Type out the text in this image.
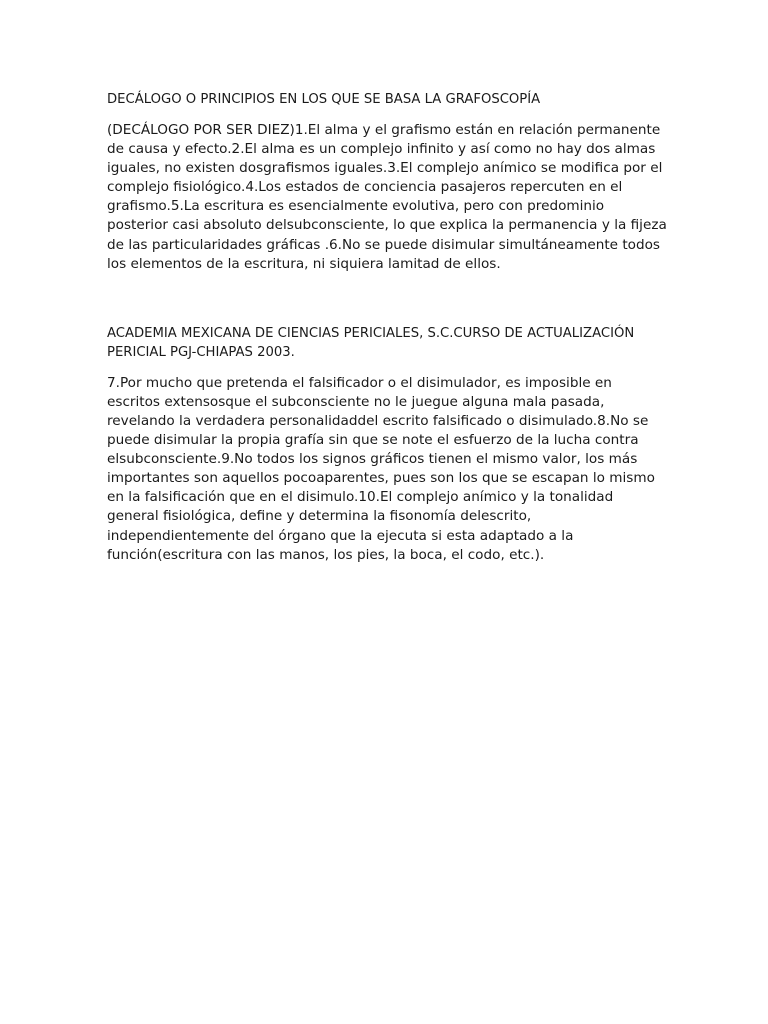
DECÁLOGO O PRINCIPIOS EN LOS QUE SE BASA LA GRAFOSCOPÍA

(DECÁLOGO POR SER DIEZ)1.El alma y el grafismo están en relación permanente de causa y efecto.2.El alma es un complejo infinito y así como no hay dos almas iguales, no existen dosgrafismos iguales.3.El complejo anímico se modifica por el complejo fisiológico.4.Los estados de conciencia pasajeros repercuten en el grafismo.5.La escritura es esencialmente evolutiva, pero con predominio posterior casi absoluto delsubconsciente, lo que explica la permanencia y la fijeza de las particularidades gráficas .6.No se puede disimular simultáneamente todos los elementos de la escritura, ni siquiera lamitad de ellos.

ACADEMIA MEXICANA DE CIENCIAS PERICIALES, S.C.CURSO DE ACTUALIZACIÓN PERICIAL PGJ-CHIAPAS 2003.

7.Por mucho que pretenda el falsificador o el disimulador, es imposible en escritos extensosque el subconsciente no le juegue alguna mala pasada, revelando la verdadera personalidaddel escrito falsificado o disimulado.8.No se puede disimular la propia grafía sin que se note el esfuerzo de la lucha contra elsubconsciente.9.No todos los signos gráficos tienen el mismo valor, los más importantes son aquellos pocoaparentes, pues son los que se escapan lo mismo en la falsificación que en el disimulo.10.El complejo anímico y la tonalidad general fisiológica, define y determina la fisonomía delescrito, independientemente del órgano que la ejecuta si esta adaptado a la función(escritura con las manos, los pies, la boca, el codo, etc.).
